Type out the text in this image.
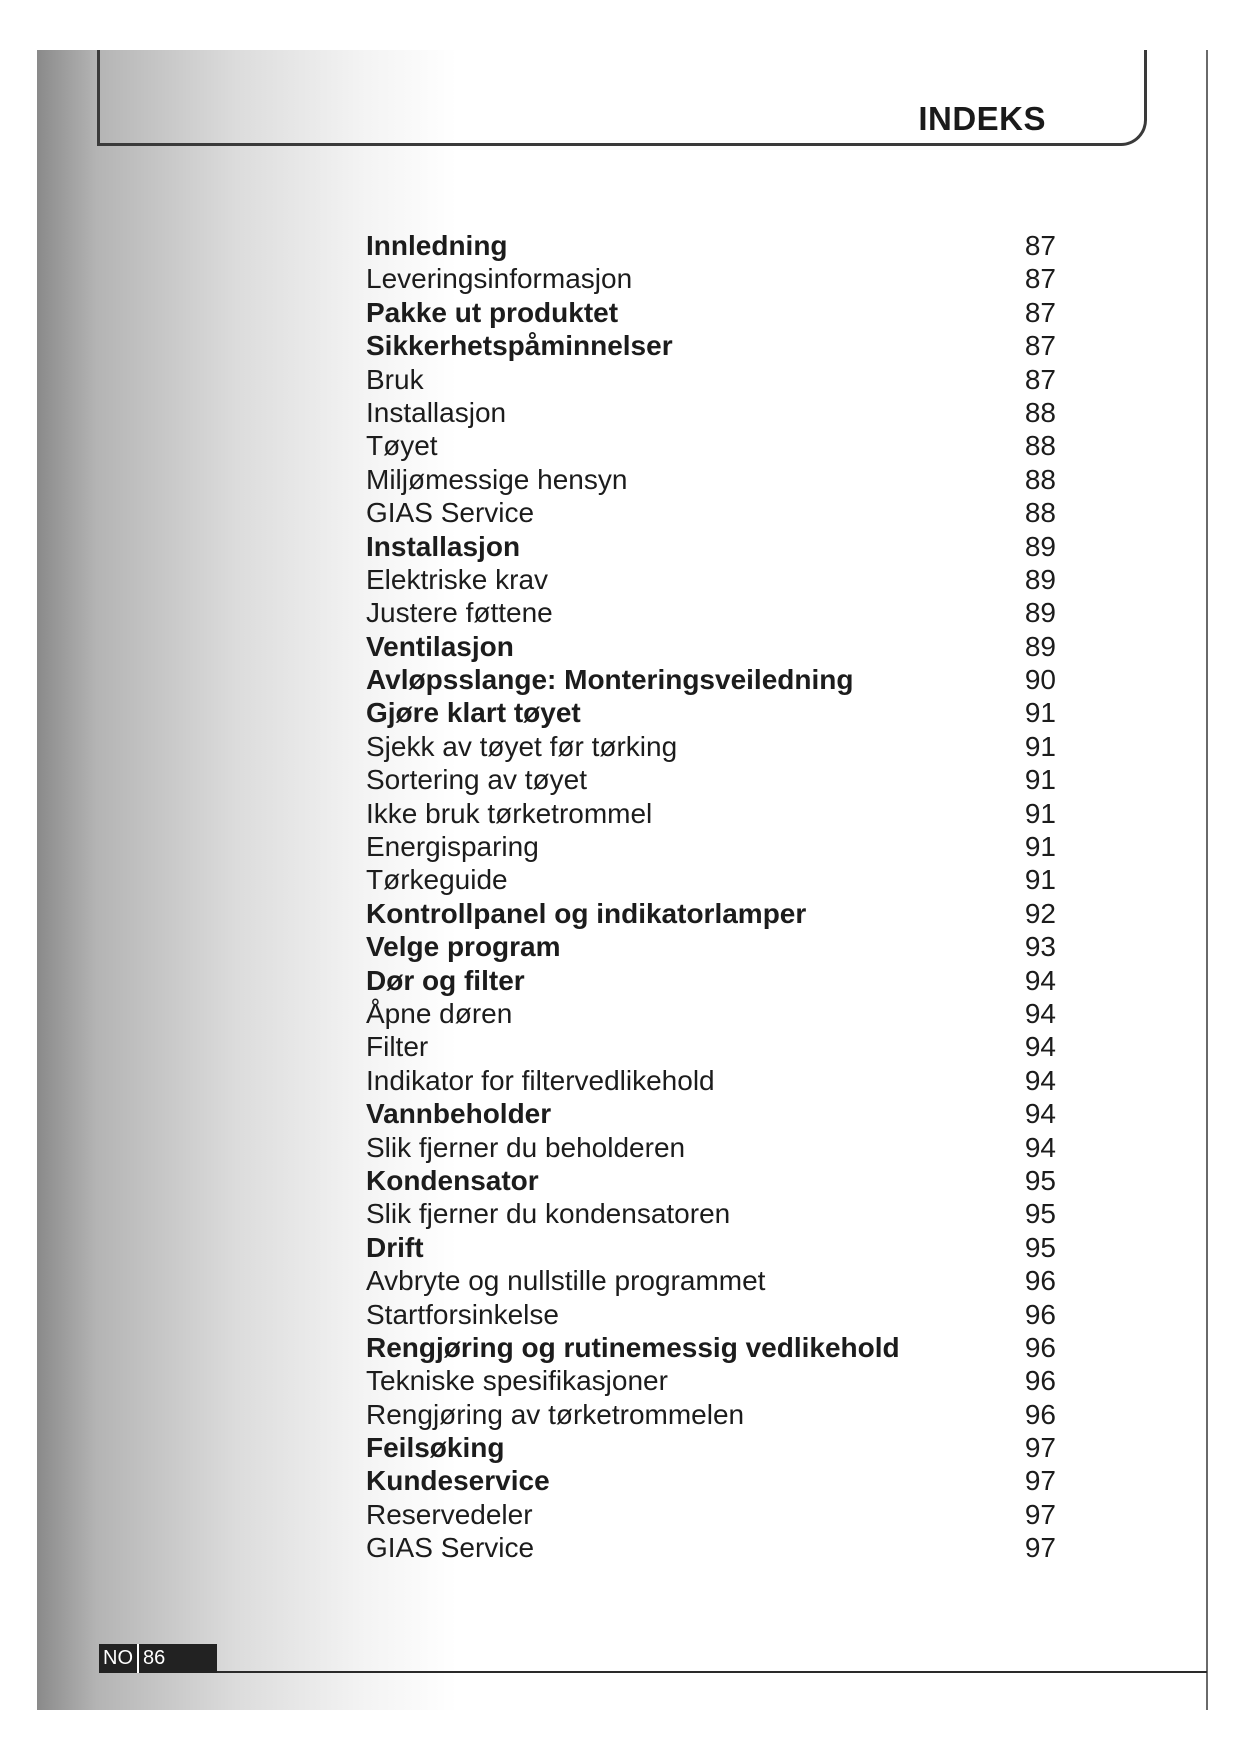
INDEKS
Innledning	87
Leveringsinformasjon	87
Pakke ut produktet	87
Sikkerhetspåminnelser	87
Bruk	87
Installasjon	88
Tøyet	88
Miljømessige hensyn	88
GIAS Service	88
Installasjon	89
Elektriske krav	89
Justere føttene	89
Ventilasjon	89
Avløpsslange: Monteringsveiledning	90
Gjøre klart tøyet	91
Sjekk av tøyet før tørking	91
Sortering av tøyet	91
Ikke bruk tørketrommel	91
Energisparing	91
Tørkeguide	91
Kontrollpanel og indikatorlamper	92
Velge program	93
Dør og filter	94
Åpne døren	94
Filter	94
Indikator for filtervedlikehold	94
Vannbeholder	94
Slik fjerner du beholderen	94
Kondensator	95
Slik fjerner du kondensatoren	95
Drift	95
Avbryte og nullstille programmet	96
Startforsinkelse	96
Rengjøring og rutinemessig vedlikehold	96
Tekniske spesifikasjoner	96
Rengjøring av tørketrommelen	96
Feilsøking	97
Kundeservice	97
Reservedeler	97
GIAS Service	97
NO 86
